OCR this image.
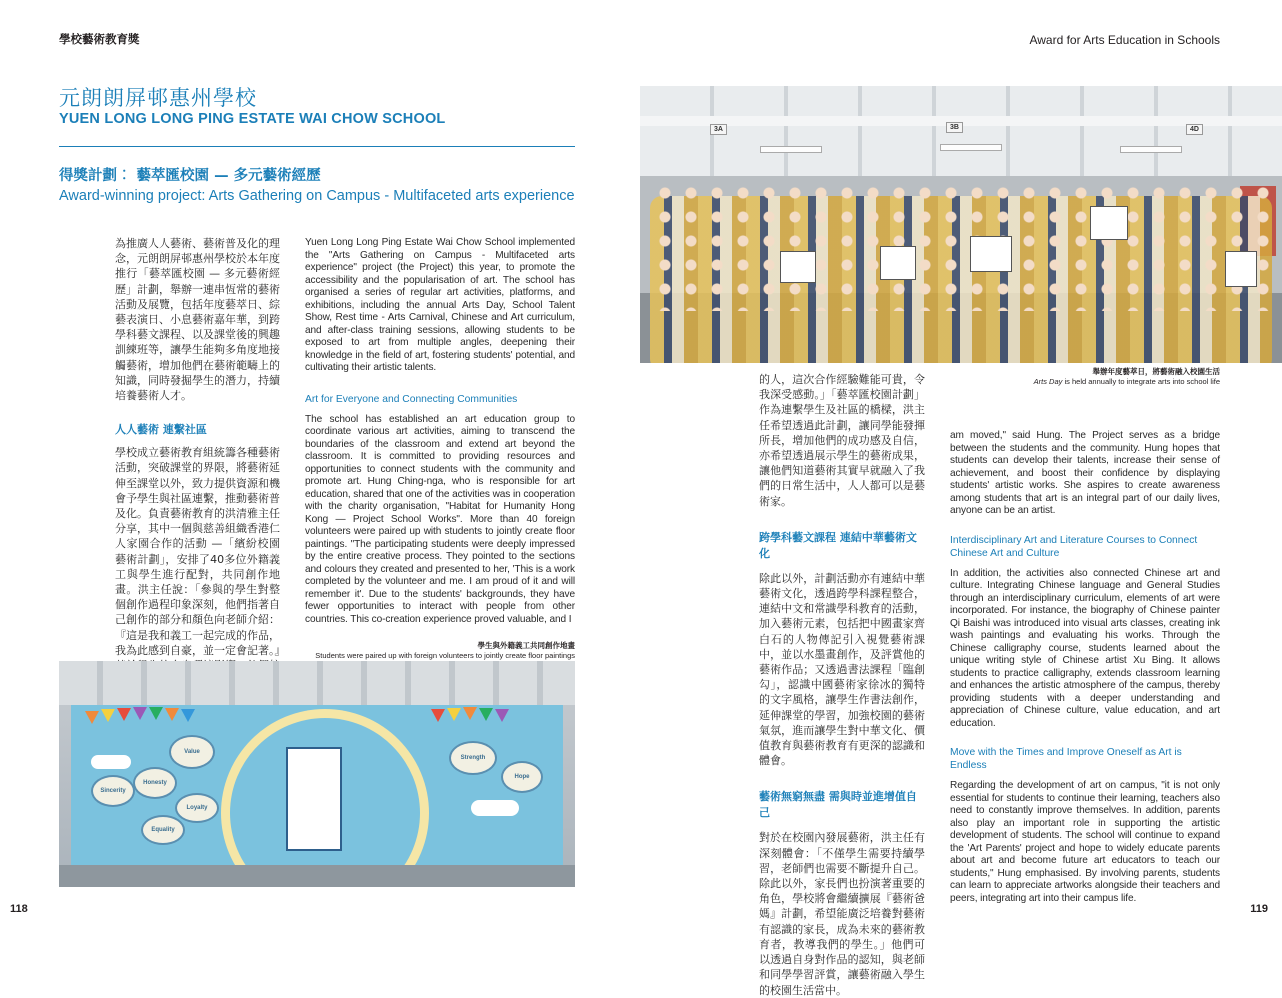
學校藝術教育獎
元朗朗屏邨惠州學校
YUEN LONG LONG PING ESTATE WAI CHOW SCHOOL
得獎計劃︰ 藝萃匯校園 — 多元藝術經歷
Award-winning project: Arts Gathering on Campus - Multifaceted arts experience

為推廣人人藝術、藝術普及化的理念，元朗朗屏邨惠州學校於本年度推行「藝萃匯校園 — 多元藝術經歷」計劃，舉辦一連串恆常的藝術活動及展覽，包括年度藝萃日、綜藝表演日、小息藝術嘉年華，到跨學科藝文課程、以及課堂後的興趣訓練班等，讓學生能夠多角度地接觸藝術，增加他們在藝術範疇上的知識，同時發掘學生的潛力，持續培養藝術人才。

人人藝術 連繫社區

學校成立藝術教育組統籌各種藝術活動，突破課堂的界限，將藝術延伸至課堂以外，致力提供資源和機會予學生與社區連繫，推動藝術普及化。負責藝術教育的洪清雅主任分享，其中一個與慈善組織香港仁人家園合作的活動 —「繽紛校園藝術計劃」，安排了40多位外籍義工與學生進行配對，共同創作地畫。洪主任說：「參與的學生對整個創作過程印象深刻，他們指著自己創作的部分和顏色向老師介紹：『這是我和義工一起完成的作品，我為此感到自豪，並一定會記著。』

Yuen Long Long Ping Estate Wai Chow School implemented the "Arts Gathering on Campus - Multifaceted arts experience" project (the Project) this year, to promote the accessibility and the popularisation of art. The school has organised a series of regular art activities, platforms, and exhibitions, including the annual Arts Day, School Talent Show, Rest time - Arts Carnival, Chinese and Art curriculum, and after-class training sessions, allowing students to be exposed to art from multiple angles, deepening their knowledge in the field of art, fostering students' potential, and cultivating their artistic talents.

Art for Everyone and Connecting Communities

The school has established an art education group to coordinate various art activities, aiming to transcend the boundaries of the classroom and extend art beyond the classroom. It is committed to providing resources and opportunities to connect students with the community and promote art. Hung Ching-nga, who is responsible for art education, shared that one of the activities was in cooperation with the charity organisation, "Habitat for Humanity Hong Kong — Project School Works". More than 40 foreign volunteers were paired up with students to jointly create floor paintings. "The participating students were deeply impressed by the entire creative process. They pointed to the sections and colours they created and presented to her, 'This is a work completed by the volunteer and me. I am proud of it and will remember it'. Due to the students' backgrounds, they have fewer opportunities to interact with people from other countries. This co-creation experience proved valuable, and I

學生與外籍義工共同創作地畫
Students were paired up with foreign volunteers to jointly create floor paintings
Value
Sincerity
Honesty
Loyalty
Equality
Strength
Hope
118
Award for Arts Education in Schools
3A	3B	4D
舉辦年度藝萃日，將藝術融入校園生活
Arts Day is held annually to integrate arts into school life

的人，這次合作經驗難能可貴，令我深受感動。」「藝萃匯校園計劃」作為連繫學生及社區的橋樑，洪主任希望透過此計劃，讓同學能發揮所長，增加他們的成功感及自信，亦希望透過展示學生的藝術成果，讓他們知道藝術其實早就融入了我們的日常生活中，人人都可以是藝術家。

跨學科藝文課程 連結中華藝術文化

除此以外，計劃活動亦有連結中華藝術文化，透過跨學科課程整合，連結中文和常識學科教育的活動，加入藝術元素，包括把中國畫家齊白石的人物傳記引入視覺藝術課中，並以水墨畫創作，及評賞他的藝術作品；又透過書法課程「臨創勾」，認識中國藝術家徐冰的獨特的文字風格，讓學生作書法創作，延伸課堂的學習，加強校園的藝術氣氛，進而讓學生對中華文化、價值教育與藝術教育有更深的認識和體會。

藝術無窮無盡 需與時並進增值自己

對於在校園內發展藝術，洪主任有深刻體會：「不僅學生需要持續學習，老師們也需要不斷提升自己。除此以外，家長們也扮演著重要的角色，學校將會繼續擴展『藝術爸媽』計劃，希望能廣泛培養對藝術有認識的家長，成為未來的藝術教育者，教導我們的學生。」他們可以透過自身對作品的認知，與老師和同學學習評賞，讓藝術融入學生的校園生活當中。

am moved," said Hung. The Project serves as a bridge between the students and the community. Hung hopes that students can develop their talents, increase their sense of achievement, and boost their confidence by displaying students' artistic works. She aspires to create awareness among students that art is an integral part of our daily lives, anyone can be an artist.

Interdisciplinary Art and Literature Courses to Connect Chinese Art and Culture

In addition, the activities also connected Chinese art and culture. Integrating Chinese language and General Studies through an interdisciplinary curriculum, elements of art were incorporated. For instance, the biography of Chinese painter Qi Baishi was introduced into visual arts classes, creating ink wash paintings and evaluating his works. Through the Chinese calligraphy course, students learned about the unique writing style of Chinese artist Xu Bing. It allows students to practice calligraphy, extends classroom learning and enhances the artistic atmosphere of the campus, thereby providing students with a deeper understanding and appreciation of Chinese culture, value education, and art education.

Move with the Times and Improve Oneself as Art is Endless

Regarding the development of art on campus, "it is not only essential for students to continue their learning, teachers also need to constantly improve themselves. In addition, parents also play an important role in supporting the artistic development of students. The school will continue to expand the 'Art Parents' project and hope to widely educate parents about art and become future art educators to teach our students," Hung emphasised. By involving parents, students can learn to appreciate artworks alongside their teachers and peers, integrating art into their campus life.

119
